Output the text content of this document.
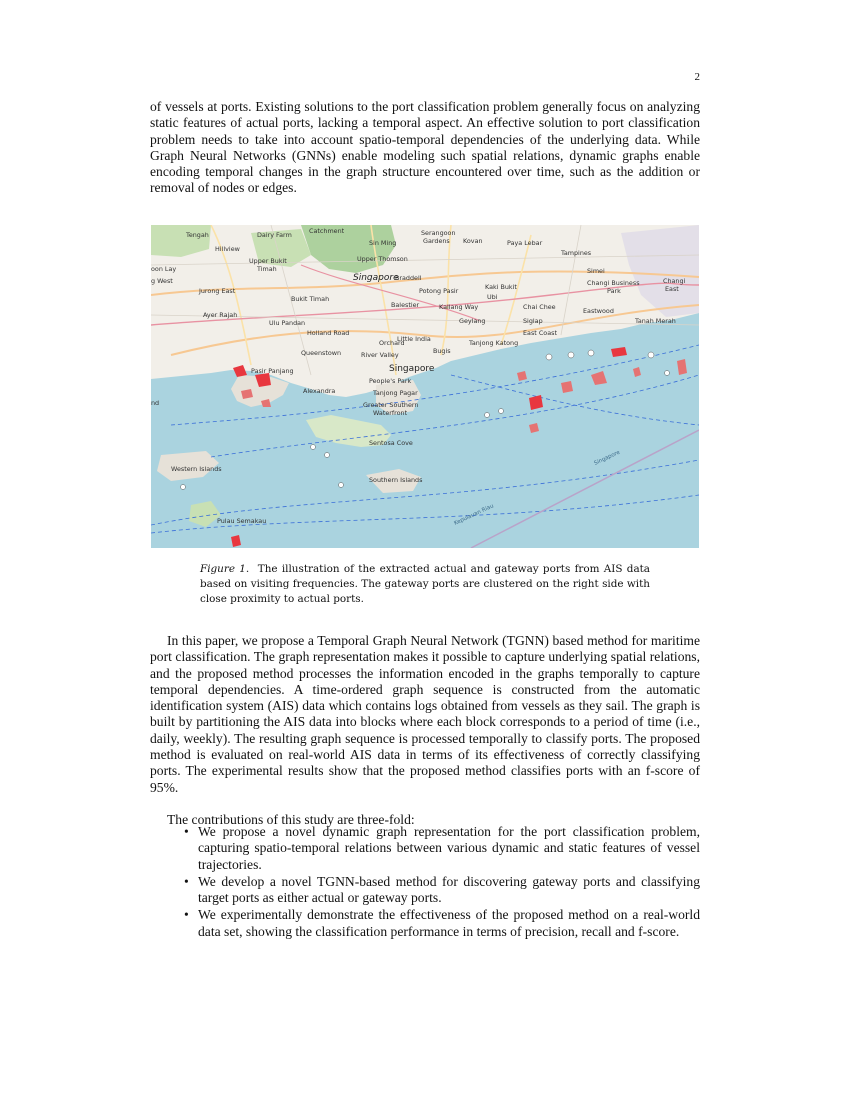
2

of vessels at ports. Existing solutions to the port classification problem generally focus on analyzing static features of actual ports, lacking a temporal aspect. An effective solution to port classification problem needs to take into account spatio-temporal dependencies of the underlying data. While Graph Neural Networks (GNNs) enable modeling such spatial relations, dynamic graphs enable encoding temporal changes in the graph structure encountered over time, such as the addition or removal of nodes or edges.

Tengah	Dairy Farm	Catchment	Serangoon
Gardens Kovan	Paya Lebar
Sin Ming
Hillview
Upper Thomson
Tampines
Upper Bukit
Timah
Singapore
Braddell
Simei
Changi Business
Park
oon Lay
g West
Jurong East	Potong Pasir	Kaki Bukit
Bukit Timah
Balestier
Ubi
Changi
East
Kallang Way	Chai Chee
Ayer Rajah
Geylang	Siglap
Eastwood
Ulu Pandan	Tanah Merah
Holland Road	East Coast
Little India
Orchard	Tanjong Katong
Bugis
Queenstown	River Valley
Singapore
Pasir Panjang
People's Park
Alexandra	Tanjong Pagar
Greater Southern
Waterfront
nd
Sentosa Cove
Western Islands
Southern Islands
Pulau Semakau
Singapore
Kepulauan Riau

Figure 1. The illustration of the extracted actual and gateway ports from AIS data based on visiting frequencies. The gateway ports are clustered on the right side with close proximity to actual ports.

In this paper, we propose a Temporal Graph Neural Network (TGNN) based method for maritime port classification. The graph representation makes it possible to capture underlying spatial relations, and the proposed method processes the information encoded in the graphs temporally to capture temporal dependencies. A time-ordered graph sequence is constructed from the automatic identification system (AIS) data which contains logs obtained from vessels as they sail. The graph is built by partitioning the AIS data into blocks where each block corresponds to a period of time (i.e., daily, weekly). The resulting graph sequence is processed temporally to classify ports. The proposed method is evaluated on real-world AIS data in terms of its effectiveness of correctly classifying ports. The experimental results show that the proposed method classifies ports with an f-score of 95%.

The contributions of this study are three-fold:

• We propose a novel dynamic graph representation for the port classification problem, capturing spatio-temporal relations between various dynamic and static features of vessel trajectories.
• We develop a novel TGNN-based method for discovering gateway ports and classifying target ports as either actual or gateway ports.
• We experimentally demonstrate the effectiveness of the proposed method on a real-world data set, showing the classification performance in terms of precision, recall and f-score.
